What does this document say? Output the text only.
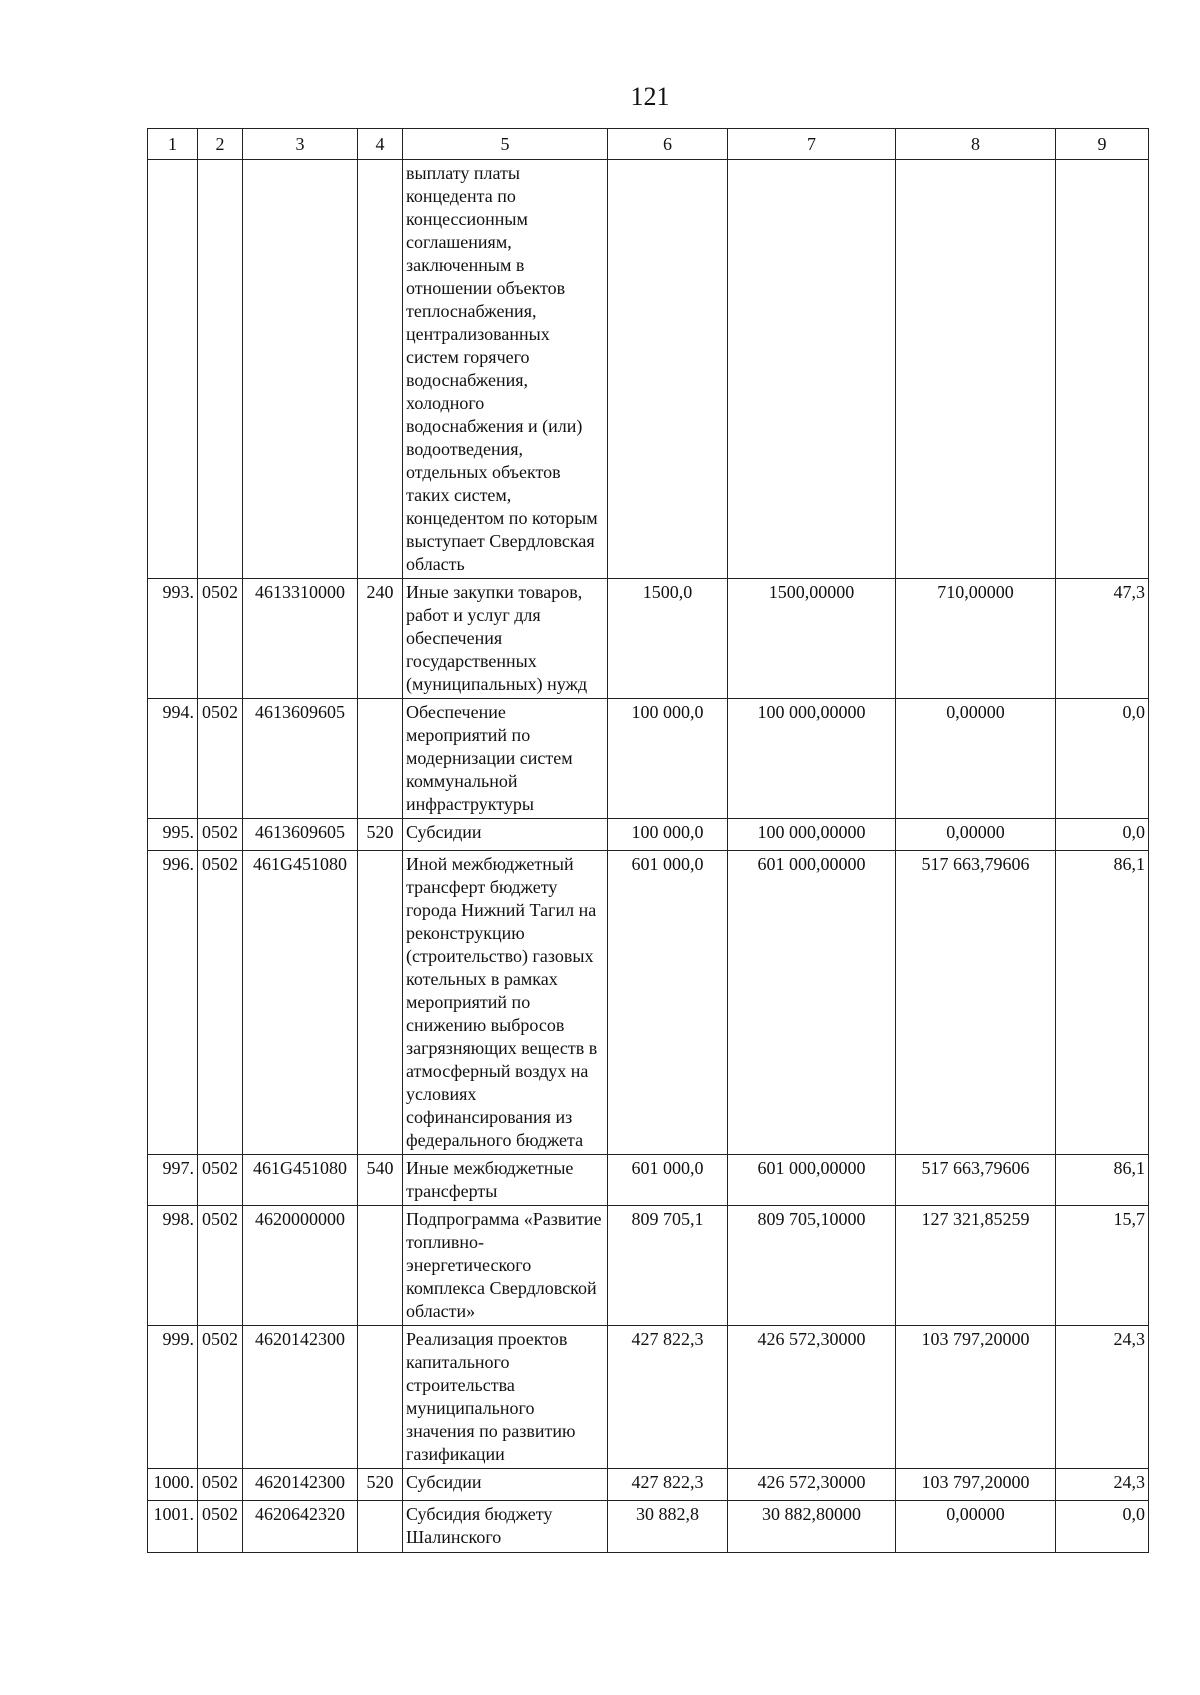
121
1	2	3	4	5	6	7	8	9
				выплату платы концедента по концессионным соглашениям, заключенным в отношении объектов теплоснабжения, централизованных систем горячего водоснабжения, холодного водоснабжения и (или) водоотведения, отдельных объектов таких систем, концедентом по которым выступает Свердловская область				
993.	0502	4613310000	240	Иные закупки товаров, работ и услуг для обеспечения государственных (муниципальных) нужд	1500,0	1500,00000	710,00000	47,3
994.	0502	4613609605		Обеспечение мероприятий по модернизации систем коммунальной инфраструктуры	100 000,0	100 000,00000	0,00000	0,0
995.	0502	4613609605	520	Субсидии	100 000,0	100 000,00000	0,00000	0,0
996.	0502	461G451080		Иной межбюджетный трансферт бюджету города Нижний Тагил на реконструкцию (строительство) газовых котельных в рамках мероприятий по снижению выбросов загрязняющих веществ в атмосферный воздух на условиях софинансирования из федерального бюджета	601 000,0	601 000,00000	517 663,79606	86,1
997.	0502	461G451080	540	Иные межбюджетные трансферты	601 000,0	601 000,00000	517 663,79606	86,1
998.	0502	4620000000		Подпрограмма «Развитие топливно-энергетического комплекса Свердловской области»	809 705,1	809 705,10000	127 321,85259	15,7
999.	0502	4620142300		Реализация проектов капитального строительства муниципального значения по развитию газификации	427 822,3	426 572,30000	103 797,20000	24,3
1000.	0502	4620142300	520	Субсидии	427 822,3	426 572,30000	103 797,20000	24,3
1001.	0502	4620642320		Субсидия бюджету Шалинского	30 882,8	30 882,80000	0,00000	0,0
